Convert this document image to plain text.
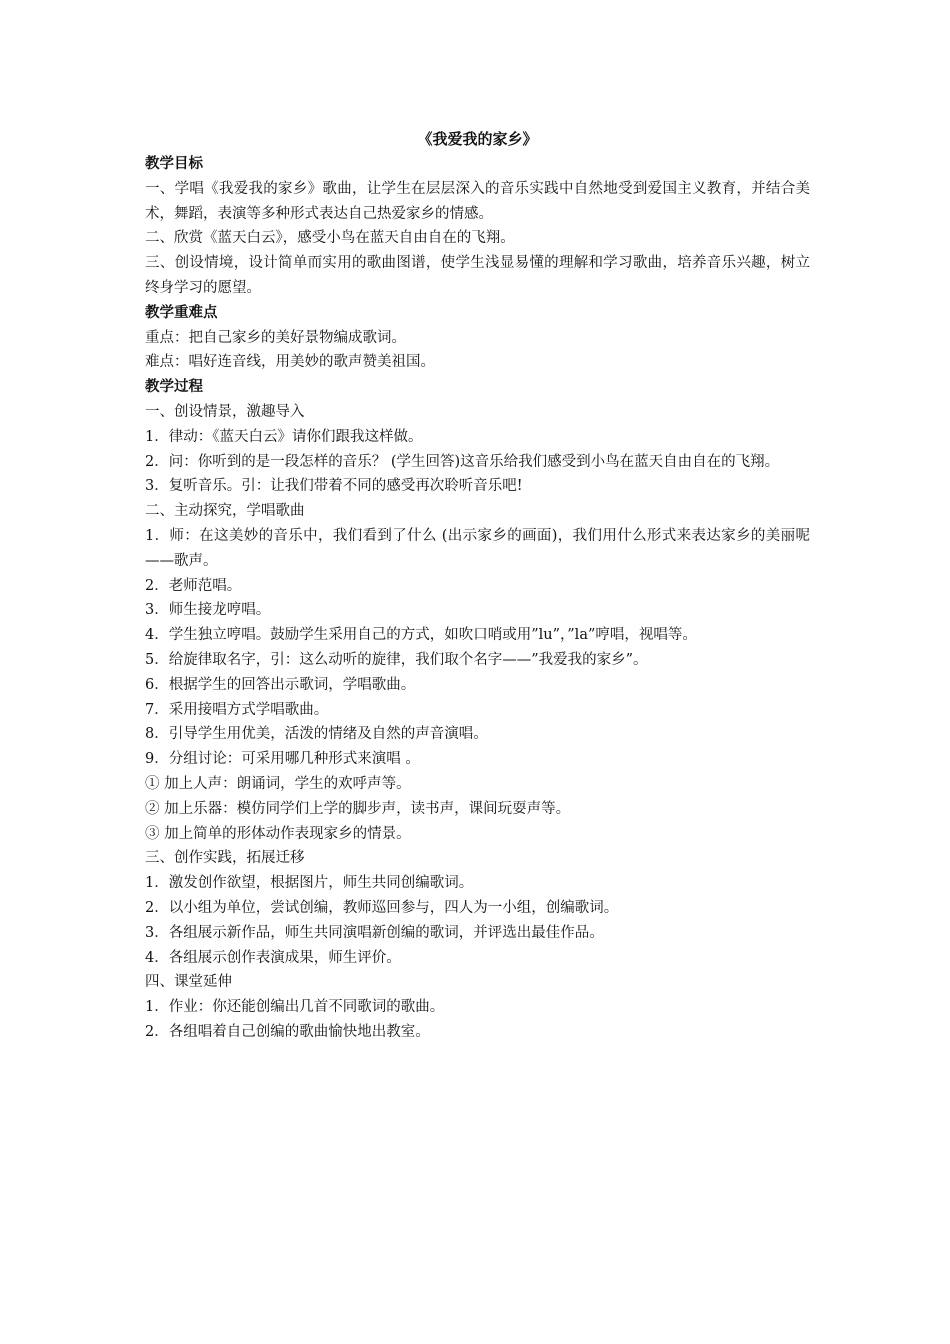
《我爱我的家乡》
教学目标
一、学唱《我爱我的家乡》歌曲，让学生在层层深入的音乐实践中自然地受到爱国主义教育，并结合美术，舞蹈，表演等多种形式表达自己热爱家乡的情感。
二、欣赏《蓝天白云》，感受小鸟在蓝天自由自在的飞翔。
三、创设情境，设计简单而实用的歌曲图谱，使学生浅显易懂的理解和学习歌曲，培养音乐兴趣，树立终身学习的愿望。
教学重难点
重点：把自己家乡的美好景物编成歌词。
难点：唱好连音线，用美妙的歌声赞美祖国。
教学过程
一、创设情景，激趣导入
1．律动：《蓝天白云》请你们跟我这样做。
2．问：你听到的是一段怎样的音乐？ (学生回答)这音乐给我们感受到小鸟在蓝天自由自在的飞翔。
3．复听音乐。引：让我们带着不同的感受再次聆听音乐吧!
二、主动探究，学唱歌曲
1．师：在这美妙的音乐中，我们看到了什么 (出示家乡的画面)，我们用什么形式来表达家乡的美丽呢——歌声。
2．老师范唱。
3．师生接龙哼唱。
4．学生独立哼唱。鼓励学生采用自己的方式，如吹口哨或用”lu”，”la”哼唱，视唱等。
5．给旋律取名字，引：这么动听的旋律，我们取个名字——”我爱我的家乡”。
6．根据学生的回答出示歌词，学唱歌曲。
7．采用接唱方式学唱歌曲。
8．引导学生用优美，活泼的情绪及自然的声音演唱。
9．分组讨论：可采用哪几种形式来演唱 。
① 加上人声：朗诵词，学生的欢呼声等。
② 加上乐器：模仿同学们上学的脚步声，读书声，课间玩耍声等。
③ 加上简单的形体动作表现家乡的情景。
三、创作实践，拓展迁移
1．激发创作欲望，根据图片，师生共同创编歌词。
2．以小组为单位，尝试创编，教师巡回参与，四人为一小组，创编歌词。
3．各组展示新作品，师生共同演唱新创编的歌词，并评选出最佳作品。
4．各组展示创作表演成果，师生评价。
四、课堂延伸
1．作业：你还能创编出几首不同歌词的歌曲。
2．各组唱着自己创编的歌曲愉快地出教室。
